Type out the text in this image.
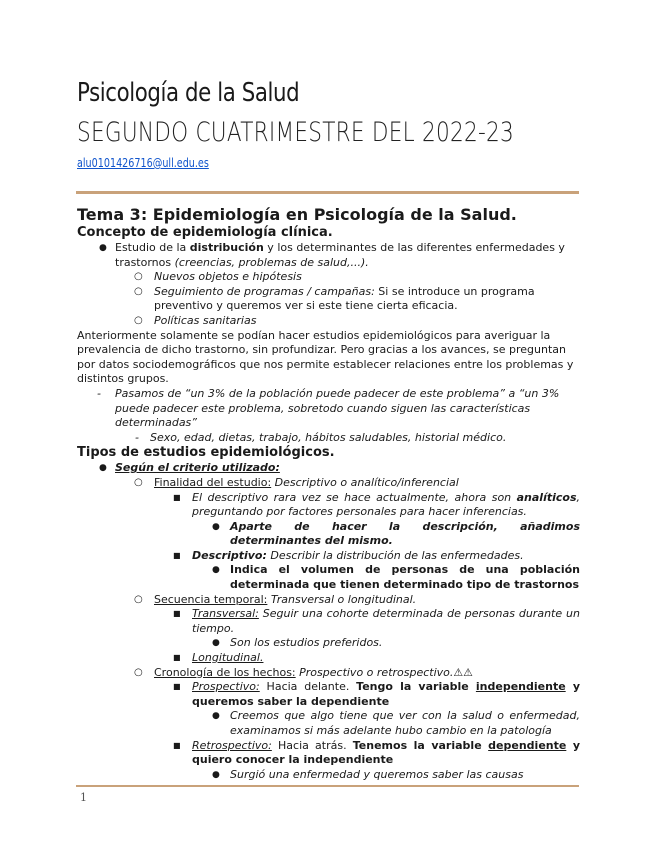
Psicología de la Salud
SEGUNDO CUATRIMESTRE DEL 2022-23
alu0101426716@ull.edu.es

Tema 3: Epidemiología en Psicología de la Salud.

Concepto de epidemiología clínica.

● Estudio de la distribución y los determinantes de las diferentes enfermedades y trastornos (creencias, problemas de salud,...).

○ Nuevos objetos e hipótesis

○ Seguimiento de programas / campañas: Si se introduce un programa preventivo y queremos ver si este tiene cierta eficacia.

○ Políticas sanitarias

Anteriormente solamente se podían hacer estudios epidemiológicos para averiguar la prevalencia de dicho trastorno, sin profundizar. Pero gracias a los avances, se preguntan por datos sociodemográficos que nos permite establecer relaciones entre los problemas y distintos grupos.

- Pasamos de “un 3% de la población puede padecer de este problema” a “un 3% puede padecer este problema, sobretodo cuando siguen las características determinadas”

- Sexo, edad, dietas, trabajo, hábitos saludables, historial médico.

Tipos de estudios epidemiológicos.

● Según el criterio utilizado:

○ Finalidad del estudio: Descriptivo o analítico/inferencial

■ El descriptivo rara vez se hace actualmente, ahora son analíticos, preguntando por factores personales para hacer inferencias.

● Aparte de hacer la descripción, añadimos determinantes del mismo.

■ Descriptivo: Describir la distribución de las enfermedades.

● Indica el volumen de personas de una población determinada que tienen determinado tipo de trastornos

○ Secuencia temporal: Transversal o longitudinal.

■ Transversal: Seguir una cohorte determinada de personas durante un tiempo.

● Son los estudios preferidos.

■ Longitudinal.

○ Cronología de los hechos: Prospectivo o retrospectivo.⚠⚠

■ Prospectivo: Hacia delante. Tengo la variable independiente y queremos saber la dependiente

● Creemos que algo tiene que ver con la salud o enfermedad, examinamos si más adelante hubo cambio en la patología

■ Retrospectivo: Hacia atrás. Tenemos la variable dependiente y quiero conocer la independiente

● Surgió una enfermedad y queremos saber las causas

1
